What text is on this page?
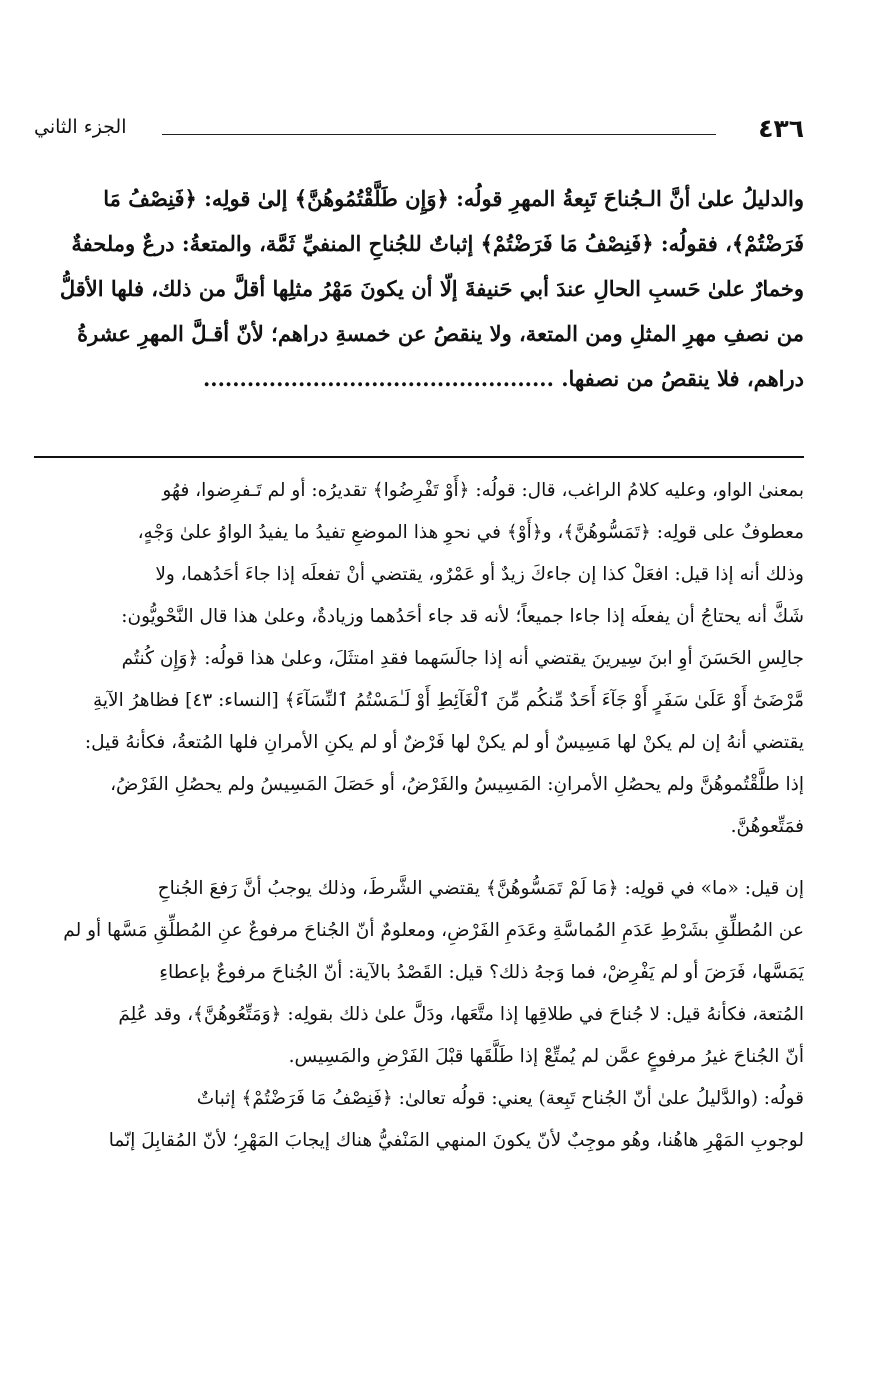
٤٣٦
الجزء الثاني
والدليلُ علىٰ أنَّ الـجُناحَ تَبِعةُ المهرِ قولُه: ﴿وَإِن طَلَّقْتُمُوهُنَّ﴾ إلىٰ قولِه: ﴿فَنِصْفُ مَا
فَرَضْتُمْ﴾، فقولُه: ﴿فَنِصْفُ مَا فَرَضْتُمْ﴾ إثباتٌ للجُناحِ المنفيِّ ثَمَّة، والمتعةُ: درعٌ وملحفةٌ
وخمارٌ علىٰ حَسبِ الحالِ عندَ أبي حَنيفةَ إلّا أن يكونَ مَهْرُ مثلِها أقلَّ من ذلك، فلها الأقلُّ
من نصفِ مهرِ المثلِ ومن المتعة، ولا ينقصُ عن خمسةِ دراهم؛ لأنّ أقـلَّ المهرِ عشرةُ
دراهم، فلا ينقصُ من نصفها. ................................................
بمعنىٰ الواو، وعليه كلامُ الراغب، قال: قولُه: ﴿أَوْ تَفْرِضُوا﴾ تقديرُه: أو لم تَـفرِضوا، فهُو
معطوفٌ على قولِه: ﴿تَمَسُّوهُنَّ﴾، و﴿أَوْ﴾ في نحوِ هذا الموضعِ تفيدُ ما يفيدُ الواوُ علىٰ وَجْهٍ،
وذلك أنه إذا قيل: افعَلْ كذا إن جاءكَ زيدٌ أو عَمْرٌو، يقتضي أنْ تفعلَه إذا جاءَ أحَدُهما، ولا
شَكَّ أنه يحتاجُ أن يفعلَه إذا جاءا جميعاً؛ لأنه قد جاء أحَدُهما وزيادةٌ، وعلىٰ هذا قال النَّحْويُّون:
جالِسِ الحَسَنَ أوِ ابنَ سِيرينَ يقتضي أنه إذا جالَسَهما فقدِ امتثَلَ، وعلىٰ هذا قولُه: ﴿وَإِن كُنتُم
مَّرْضَىٰٓ أَوْ عَلَىٰ سَفَرٍ أَوْ جَآءَ أَحَدٌ مِّنكُم مِّنَ ٱلْغَآئِطِ أَوْ لَـٰمَسْتُمُ ٱلنِّسَآءَ﴾ [النساء: ٤٣] فظاهرُ الآيةِ
يقتضي أنهُ إن لم يكنْ لها مَسِيسٌ أو لم يكنْ لها فَرْضٌ أو لم يكنِ الأمرانِ فلها المُتعةُ، فكأنهُ قيل:
إذا طلَّقْتُموهُنَّ ولم يحصُلِ الأمرانِ: المَسِيسُ والفَرْضُ، أو حَصَلَ المَسِيسُ ولم يحصُلِ الفَرْضُ،
فمَتِّعوهُنَّ.
إن قيل: «ما» في قولِه: ﴿مَا لَمْ تَمَسُّوهُنَّ﴾ يقتضي الشَّرطَ، وذلك يوجبُ أنَّ رَفعَ الجُناحِ
عن المُطلِّقِ بشَرْطِ عَدَمِ المُماسَّةِ وعَدَمِ الفَرْضِ، ومعلومٌ أنّ الجُناحَ مرفوعٌ عنِ المُطلِّقِ مَسَّها أو لم
يَمَسَّها، فَرَضَ أو لم يَفْرِضْ، فما وَجهُ ذلك؟ قيل: القَصْدُ بالآية: أنّ الجُناحَ مرفوعٌ بإعطاءِ
المُتعة، فكأنهُ قيل: لا جُناحَ في طلاقِها إذا متَّعَها، ودَلَّ علىٰ ذلك بقولِه: ﴿وَمَتِّعُوهُنَّ﴾، وقد عُلِمَ
أنّ الجُناحَ غيرُ مرفوعٍ عمَّن لم يُمتِّعْ إذا طَلَّقَها قبْلَ الفَرْضِ والمَسِيس.
قولُه: (والدَّليلُ علىٰ أنّ الجُناح تَبِعة) يعني: قولُه تعالىٰ: ﴿فَنِصْفُ مَا فَرَضْتُمْ﴾ إثباتٌ
لوجوبِ المَهْرِ هاهُنا، وهُو موجِبٌ لأنّ يكونَ المنهي المَنْفيُّ هناك إيجابَ المَهْرِ؛ لأنّ المُقابِلَ إنّما
